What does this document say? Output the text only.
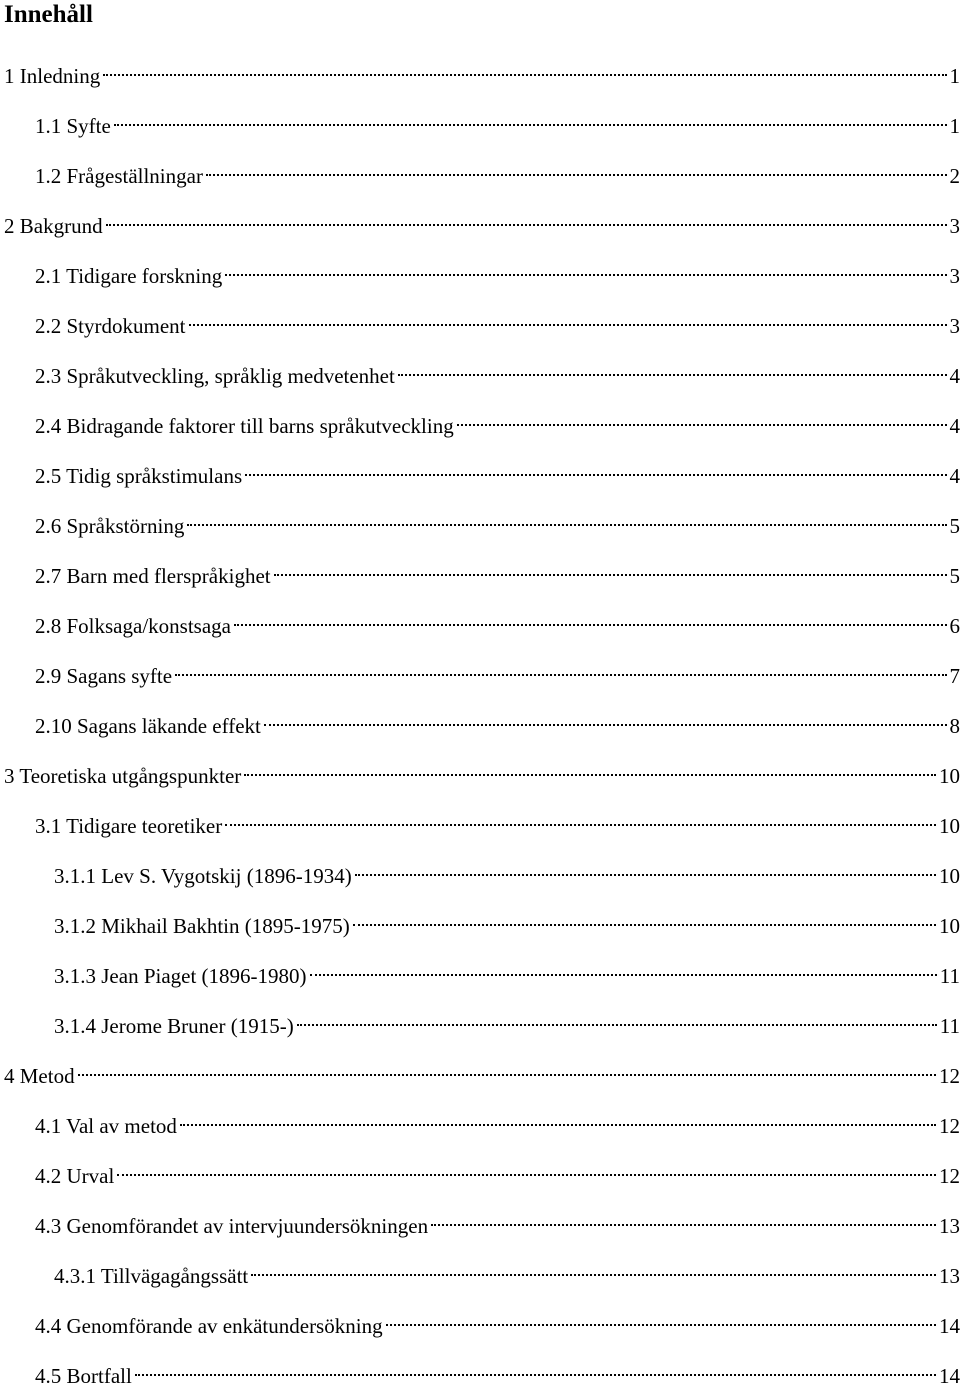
Innehåll
1 Inledning	1
1.1 Syfte	1
1.2 Frågeställningar	2
2 Bakgrund	3
2.1 Tidigare forskning	3
2.2 Styrdokument	3
2.3 Språkutveckling, språklig medvetenhet	4
2.4 Bidragande faktorer till barns språkutveckling	4
2.5 Tidig språkstimulans	4
2.6 Språkstörning	5
2.7 Barn med flerspråkighet	5
2.8 Folksaga/konstsaga	6
2.9 Sagans syfte	7
2.10 Sagans läkande effekt	8
3 Teoretiska utgångspunkter	10
3.1 Tidigare teoretiker	10
3.1.1 Lev S. Vygotskij (1896-1934)	10
3.1.2 Mikhail Bakhtin (1895-1975)	10
3.1.3 Jean Piaget (1896-1980)	11
3.1.4 Jerome Bruner (1915-)	11
4 Metod	12
4.1 Val av metod	12
4.2 Urval	12
4.3 Genomförandet av intervjuundersökningen	13
4.3.1 Tillvägagångssätt	13
4.4 Genomförande av enkätundersökning	14
4.5 Bortfall	14
